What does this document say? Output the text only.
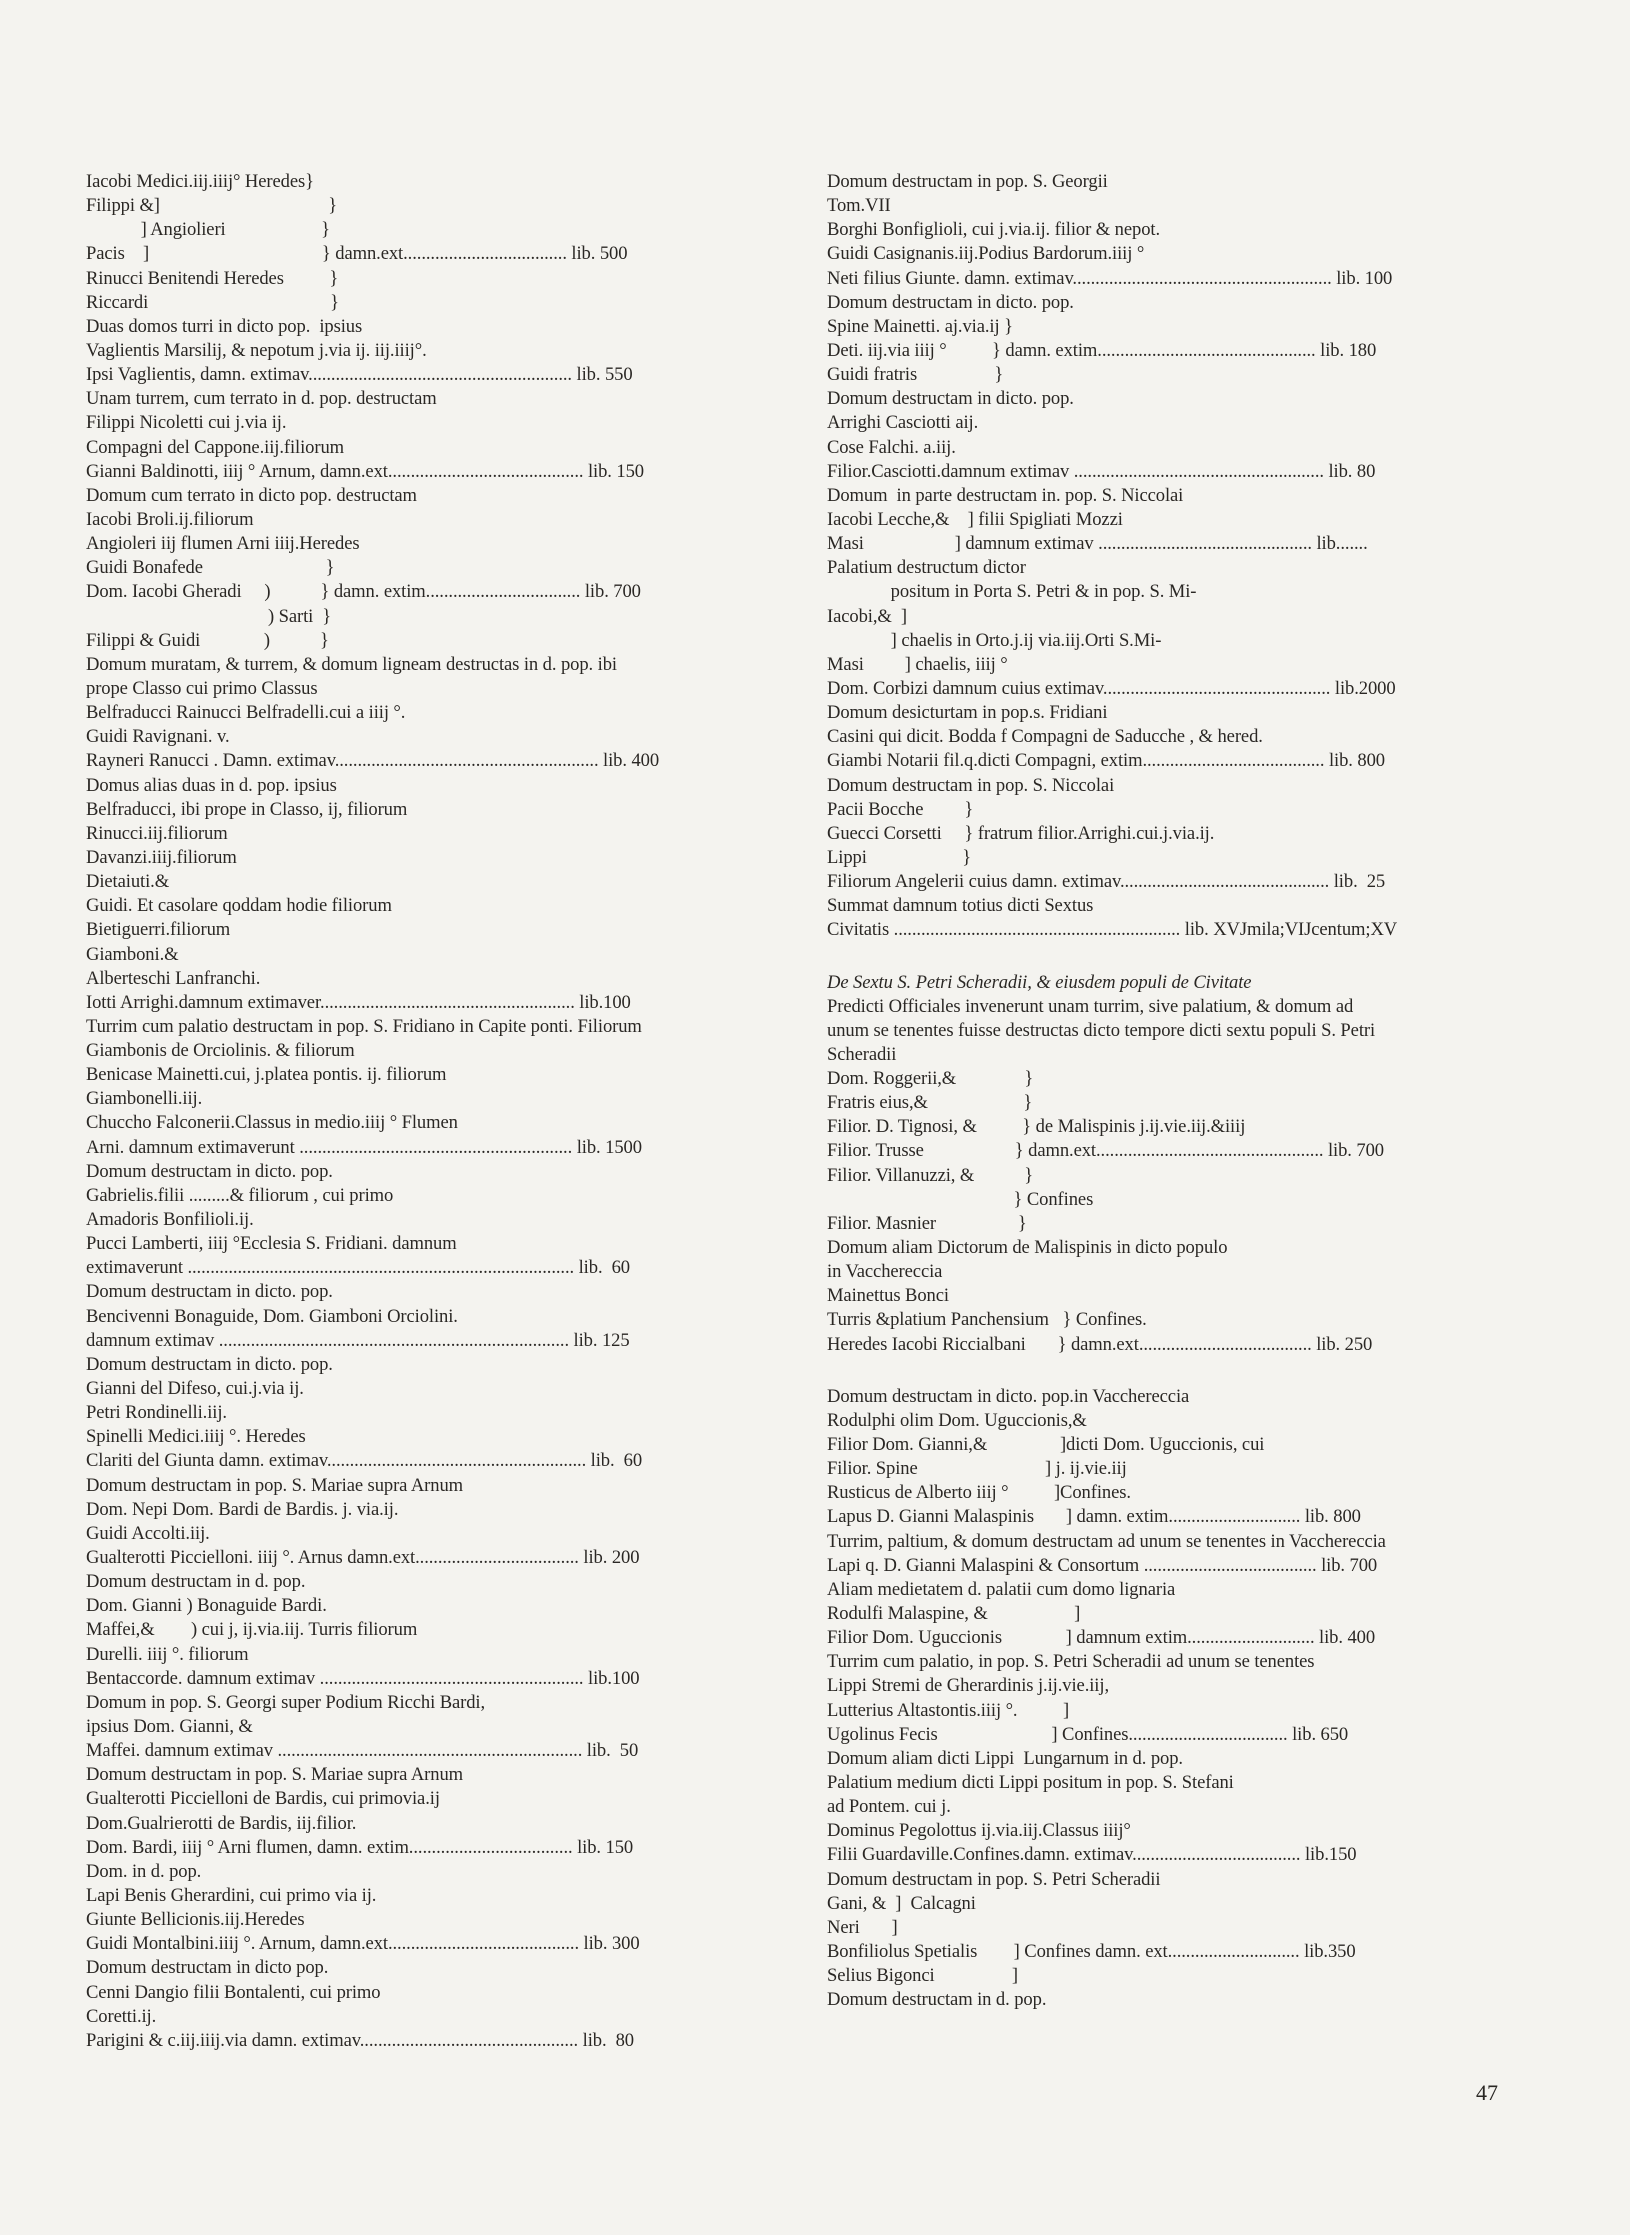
Iacobi Medici.iij.iiij° Heredes}
Filippi &]                                     }
] Angiolieri                     }
Pacis    ]                                      } damn.ext.................................... lib. 500
Rinucci Benitendi Heredes          }
Riccardi                                        }
Duas domos turri in dicto pop.  ipsius
Vaglientis Marsilij, & nepotum j.via ij. iij.iiij°.
Ipsi Vaglientis, damn. extimav.......................................................... lib. 550
Unam turrem, cum terrato in d. pop. destructam
Filippi Nicoletti cui j.via ij.
Compagni del Cappone.iij.filiorum
Gianni Baldinotti, iiij ° Arnum, damn.ext........................................... lib. 150
Domum cum terrato in dicto pop. destructam
Iacobi Broli.ij.filiorum
Angioleri iij flumen Arni iiij.Heredes
Guidi Bonafede                           }
Dom. Iacobi Gheradi     )           } damn. extim.................................. lib. 700
) Sarti  }
Filippi & Guidi              )           }
Domum muratam, & turrem, & domum ligneam destructas in d. pop. ibi
prope Classo cui primo Classus
Belfraducci Rainucci Belfradelli.cui a iiij °.
Guidi Ravignani. v.
Rayneri Ranucci . Damn. extimav.......................................................... lib. 400
Domus alias duas in d. pop. ipsius
Belfraducci, ibi prope in Classo, ij, filiorum
Rinucci.iij.filiorum
Davanzi.iiij.filiorum
Dietaiuti.&
Guidi. Et casolare qoddam hodie filiorum
Bietiguerri.filiorum
Giamboni.&
Alberteschi Lanfranchi.
Iotti Arrighi.damnum extimaver........................................................ lib.100
Turrim cum palatio destructam in pop. S. Fridiano in Capite ponti. Filiorum
Giambonis de Orciolinis. & filiorum
Benicase Mainetti.cui, j.platea pontis. ij. filiorum
Giambonelli.iij.
Chuccho Falconerii.Classus in medio.iiij ° Flumen
Arni. damnum extimaverunt ............................................................ lib. 1500
Domum destructam in dicto. pop.
Gabrielis.filii .........& filiorum , cui primo
Amadoris Bonfilioli.ij.
Pucci Lamberti, iiij °Ecclesia S. Fridiani. damnum
extimaverunt ..................................................................................... lib.  60
Domum destructam in dicto. pop.
Bencivenni Bonaguide, Dom. Giamboni Orciolini.
damnum extimav ............................................................................. lib. 125
Domum destructam in dicto. pop.
Gianni del Difeso, cui.j.via ij.
Petri Rondinelli.iij.
Spinelli Medici.iiij °. Heredes
Clariti del Giunta damn. extimav......................................................... lib.  60
Domum destructam in pop. S. Mariae supra Arnum
Dom. Nepi Dom. Bardi de Bardis. j. via.ij.
Guidi Accolti.iij.
Gualterotti Piccielloni. iiij °. Arnus damn.ext.................................... lib. 200
Domum destructam in d. pop.
Dom. Gianni ) Bonaguide Bardi.
Maffei,&        ) cui j, ij.via.iij. Turris filiorum
Durelli. iiij °. filiorum
Bentaccorde. damnum extimav .......................................................... lib.100
Domum in pop. S. Georgi super Podium Ricchi Bardi,
ipsius Dom. Gianni, &
Maffei. damnum extimav ................................................................... lib.  50
Domum destructam in pop. S. Mariae supra Arnum
Gualterotti Piccielloni de Bardis, cui primovia.ij
Dom.Gualrierotti de Bardis, iij.filior.
Dom. Bardi, iiij ° Arni flumen, damn. extim.................................... lib. 150
Dom. in d. pop.
Lapi Benis Gherardini, cui primo via ij.
Giunte Bellicionis.iij.Heredes
Guidi Montalbini.iiij °. Arnum, damn.ext.......................................... lib. 300
Domum destructam in dicto pop.
Cenni Dangio filii Bontalenti, cui primo
Coretti.ij.
Parigini & c.iij.iiij.via damn. extimav................................................ lib.  80
Domum destructam in pop. S. Georgii
Tom.VII
Borghi Bonfiglioli, cui j.via.ij. filior & nepot.
Guidi Casignanis.iij.Podius Bardorum.iiij °
Neti filius Giunte. damn. extimav......................................................... lib. 100
Domum destructam in dicto. pop.
Spine Mainetti. aj.via.ij }
Deti. iij.via iiij °          } damn. extim................................................ lib. 180
Guidi fratris                 }
Domum destructam in dicto. pop.
Arrighi Casciotti aij.
Cose Falchi. a.iij.
Filior.Casciotti.damnum extimav ....................................................... lib. 80
Domum  in parte destructam in. pop. S. Niccolai
Iacobi Lecche,&    ] filii Spigliati Mozzi
Masi                    ] damnum extimav ............................................... lib.......
Palatium destructum dictor
positum in Porta S. Petri & in pop. S. Mi-
Iacobi,&  ]
] chaelis in Orto.j.ij via.iij.Orti S.Mi-
Masi         ] chaelis, iiij °
Dom. Corbizi damnum cuius extimav.................................................. lib.2000
Domum desicturtam in pop.s. Fridiani
Casini qui dicit. Bodda f Compagni de Saducche , & hered.
Giambi Notarii fil.q.dicti Compagni, extim........................................ lib. 800
Domum destructam in pop. S. Niccolai
Pacii Bocche         }
Guecci Corsetti     } fratrum filior.Arrighi.cui.j.via.ij.
Lippi                     }
Filiorum Angelerii cuius damn. extimav.............................................. lib.  25
Summat damnum totius dicti Sextus
Civitatis ............................................................... lib. XVJmila;VIJcentum;XV
De Sextu S. Petri Scheradii, & eiusdem populi de Civitate
Predicti Officiales invenerunt unam turrim, sive palatium, & domum ad
unum se tenentes fuisse destructas dicto tempore dicti sextu populi S. Petri
Scheradii
Dom. Roggerii,&               }
Fratris eius,&                     }
Filior. D. Tignosi, &          } de Malispinis j.ij.vie.iij.&iiij
Filior. Trusse                    } damn.ext.................................................. lib. 700
Filior. Villanuzzi, &           }
} Confines
Filior. Masnier                  }
Domum aliam Dictorum de Malispinis in dicto populo
in Vacchereccia
Mainettus Bonci
Turris &platium Panchensium   } Confines.
Heredes Iacobi Riccialbani       } damn.ext...................................... lib. 250
Domum destructam in dicto. pop.in Vacchereccia
Rodulphi olim Dom. Uguccionis,&
Filior Dom. Gianni,&                ]dicti Dom. Uguccionis, cui
Filior. Spine                            ] j. ij.vie.iij
Rusticus de Alberto iiij °          ]Confines.
Lapus D. Gianni Malaspinis       ] damn. extim............................. lib. 800
Turrim, paltium, & domum destructam ad unum se tenentes in Vacchereccia
Lapi q. D. Gianni Malaspini & Consortum ...................................... lib. 700
Aliam medietatem d. palatii cum domo lignaria
Rodulfi Malaspine, &                   ]
Filior Dom. Uguccionis              ] damnum extim............................ lib. 400
Turrim cum palatio, in pop. S. Petri Scheradii ad unum se tenentes
Lippi Stremi de Gherardinis j.ij.vie.iij,
Lutterius Altastontis.iiij °.          ]
Ugolinus Fecis                         ] Confines................................... lib. 650
Domum aliam dicti Lippi  Lungarnum in d. pop.
Palatium medium dicti Lippi positum in pop. S. Stefani
ad Pontem. cui j.
Dominus Pegolottus ij.via.iij.Classus iiij°
Filii Guardaville.Confines.damn. extimav..................................... lib.150
Domum destructam in pop. S. Petri Scheradii
Gani, &  ]  Calcagni
Neri       ]
Bonfiliolus Spetialis        ] Confines damn. ext............................. lib.350
Selius Bigonci                 ]
Domum destructam in d. pop.
47
